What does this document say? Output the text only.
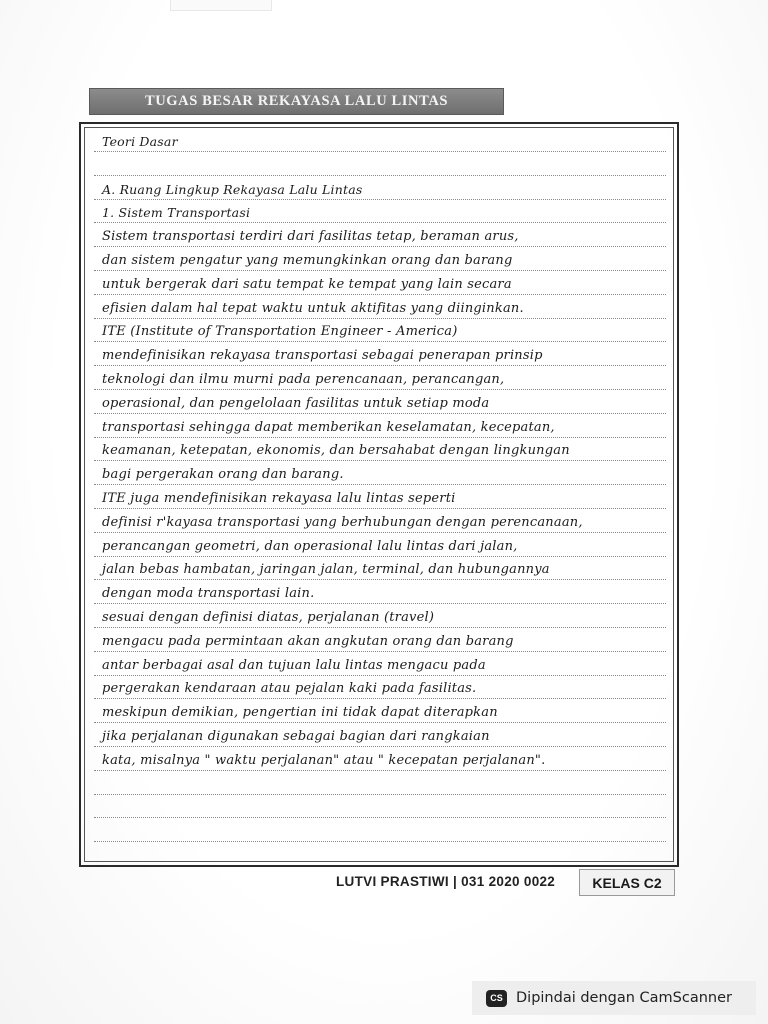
TUGAS BESAR REKAYASA LALU LINTAS
Teori Dasar
A. Ruang Lingkup Rekayasa Lalu Lintas
1. Sistem Transportasi
Sistem transportasi terdiri dari fasilitas tetap, beraman arus,
dan sistem pengatur yang memungkinkan orang dan barang
untuk bergerak dari satu tempat ke tempat yang lain secara
efisien dalam hal tepat waktu untuk aktifitas yang diinginkan.
ITE (Institute of Transportation Engineer - America)
mendefinisikan rekayasa transportasi sebagai penerapan prinsip
teknologi dan ilmu murni pada perencanaan, perancangan,
operasional, dan pengelolaan fasilitas untuk setiap moda
transportasi sehingga dapat memberikan keselamatan, kecepatan,
keamanan, ketepatan, ekonomis, dan bersahabat dengan lingkungan
bagi pergerakan orang dan barang.
ITE juga mendefinisikan rekayasa lalu lintas seperti
definisi r'kayasa transportasi yang berhubungan dengan perencanaan,
perancangan geometri, dan operasional lalu lintas dari jalan,
jalan bebas hambatan, jaringan jalan, terminal, dan hubungannya
dengan moda transportasi lain.
sesuai dengan definisi diatas, perjalanan (travel)
mengacu pada permintaan akan angkutan orang dan barang
antar berbagai asal dan tujuan lalu lintas mengacu pada
pergerakan kendaraan atau pejalan kaki pada fasilitas.
meskipun demikian, pengertian ini tidak dapat diterapkan
jika perjalanan digunakan sebagai bagian dari rangkaian
kata, misalnya " waktu perjalanan" atau " kecepatan perjalanan".
LUTVI PRASTIWI | 031 2020 0022	KELAS C2
CS Dipindai dengan CamScanner
